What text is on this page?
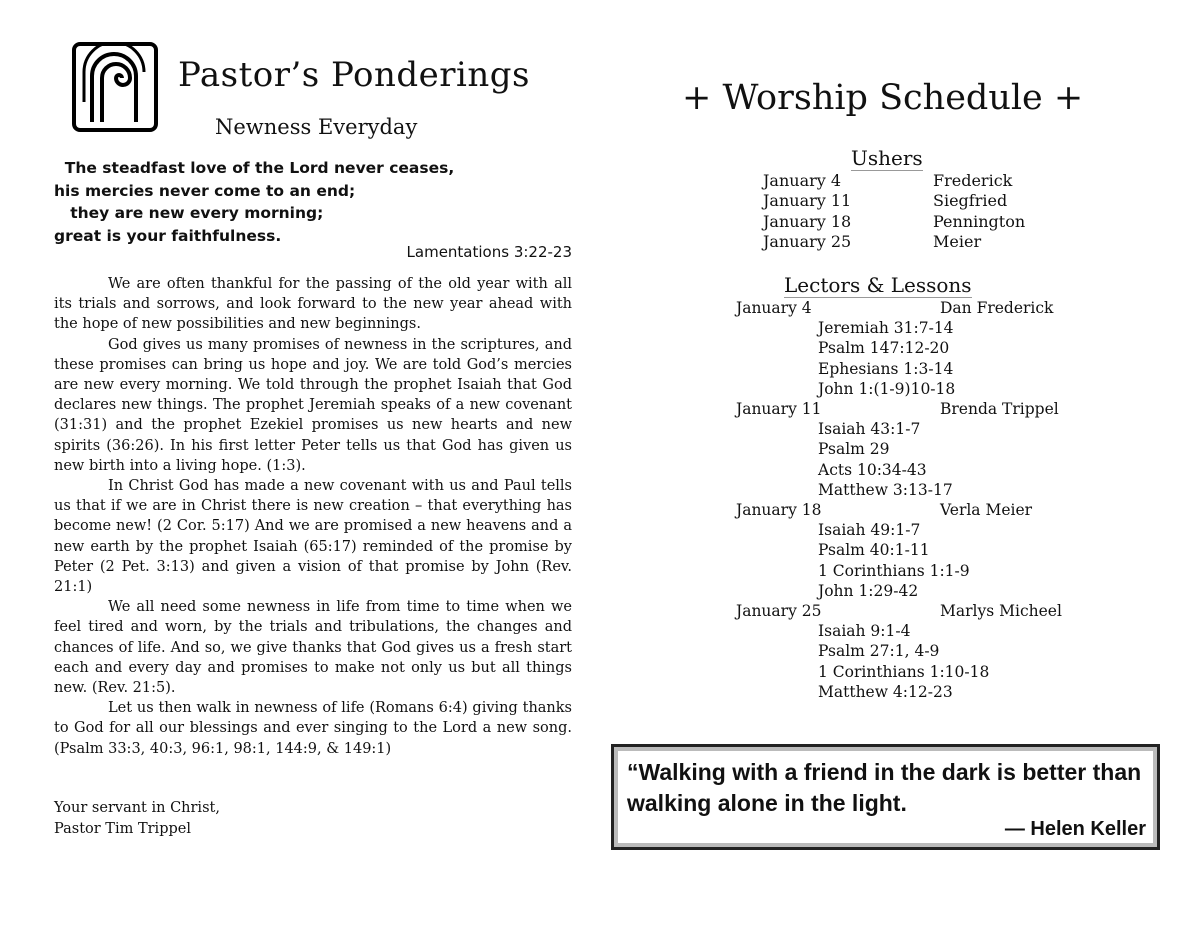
Pastor’s Ponderings
Newness Everyday
The steadfast love of the Lord never ceases,
his mercies never come to an end;
they are new every morning;
great is your faithfulness.
Lamentations 3:22-23

We are often thankful for the passing of the old year with all its trials and sorrows, and look forward to the new year ahead with the hope of new possibilities and new beginnings.

God gives us many promises of newness in the scriptures, and these promises can bring us hope and joy. We are told God’s mercies are new every morning. We told through the prophet Isaiah that God declares new things. The prophet Jeremiah speaks of a new covenant (31:31) and the prophet Ezekiel promises us new hearts and new spirits (36:26). In his first letter Peter tells us that God has given us new birth into a living hope. (1:3).

In Christ God has made a new covenant with us and Paul tells us that if we are in Christ there is new creation – that everything has become new! (2 Cor. 5:17) And we are promised a new heavens and a new earth by the prophet Isaiah (65:17) reminded of the promise by Peter (2 Pet. 3:13) and given a vision of that promise by John (Rev. 21:1)

We all need some newness in life from time to time when we feel tired and worn, by the trials and tribulations, the changes and chances of life. And so, we give thanks that God gives us a fresh start each and every day and promises to make not only us but all things new. (Rev. 21:5).

Let us then walk in newness of life (Romans 6:4) giving thanks to God for all our blessings and ever singing to the Lord a new song. (Psalm 33:3, 40:3, 96:1, 98:1, 144:9, & 149:1)

Your servant in Christ,
Pastor Tim Trippel
+ Worship Schedule +
Ushers
January 4	Frederick
January 11	Siegfried
January 18	Pennington
January 25	Meier
Lectors & Lessons
January 4	Dan Frederick
Jeremiah 31:7-14
Psalm 147:12-20
Ephesians 1:3-14
John 1:(1-9)10-18
January 11	Brenda Trippel
Isaiah 43:1-7
Psalm 29
Acts 10:34-43
Matthew 3:13-17
January 18	Verla Meier
Isaiah 49:1-7
Psalm 40:1-11
1 Corinthians 1:1-9
John 1:29-42
January 25	Marlys Micheel
Isaiah 9:1-4
Psalm 27:1, 4-9
1 Corinthians 1:10-18
Matthew 4:12-23
“Walking with a friend in the dark is better than walking alone in the light.
— Helen Keller
